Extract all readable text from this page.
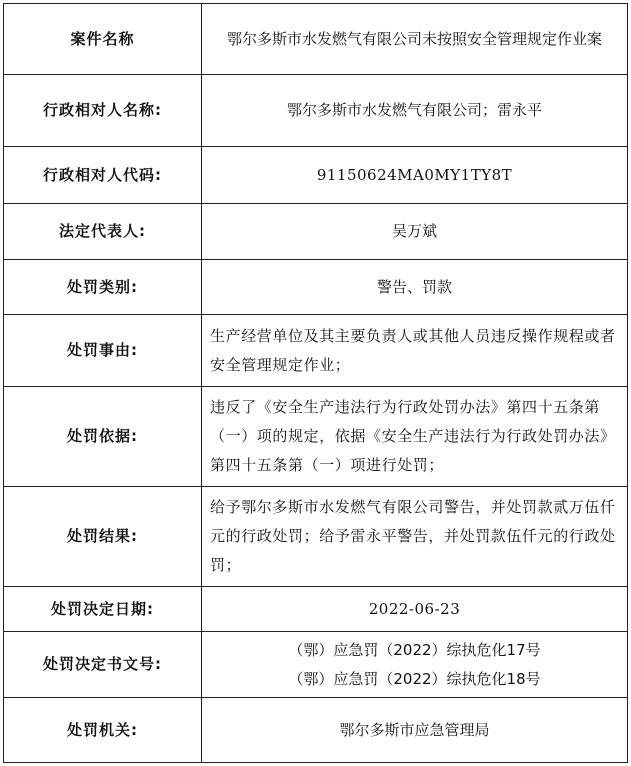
案件名称	鄂尔多斯市水发燃气有限公司未按照安全管理规定作业案
行政相对人名称:	鄂尔多斯市水发燃气有限公司；雷永平
行政相对人代码:	91150624MA0MY1TY8T
法定代表人:	吴万斌
处罚类别:	警告、罚款
处罚事由:	生产经营单位及其主要负责人或其他人员违反操作规程或者安全管理规定作业；
处罚依据:	违反了《安全生产违法行为行政处罚办法》第四十五条第（一）项的规定，依据《安全生产违法行为行政处罚办法》第四十五条第（一）项进行处罚；
处罚结果:	给予鄂尔多斯市水发燃气有限公司警告，并处罚款贰万伍仟元的行政处罚；给予雷永平警告，并处罚款伍仟元的行政处罚；
处罚决定日期:	2022-06-23
处罚决定书文号:	（鄂）应急罚（2022）综执危化17号
（鄂）应急罚（2022）综执危化18号

处罚机关:	鄂尔多斯市应急管理局
